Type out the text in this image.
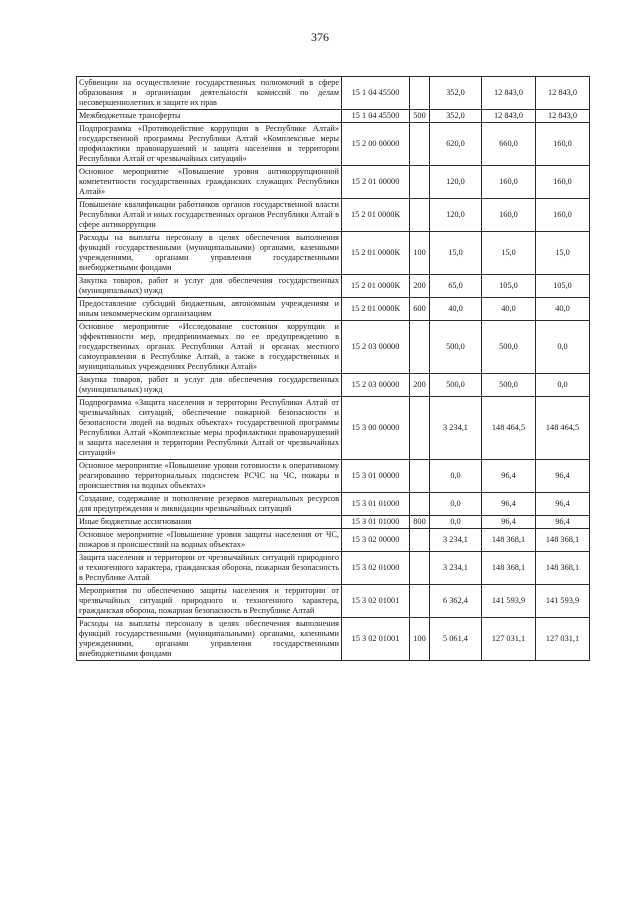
376
Субвенции на осуществление государственных полномочий в сфере образования и организации деятельности комиссий по делам несовершеннолетних и защите их прав	15 1 04 45500		352,0	12 843,0	12 843,0
Межбюджетные трансферты	15 1 04 45500	500	352,0	12 843,0	12 843,0
Подпрограмма «Противодействие коррупции в Республике Алтай» государственной программы Республики Алтай «Комплексные меры профилактики правонарушений и защита населения и территории Республики Алтай от чрезвычайных ситуаций»	15 2 00 00000		620,0	660,0	160,0
Основное мероприятие «Повышение уровня антикоррупционной компетентности государственных гражданских служащих Республики Алтай»	15 2 01 00000		120,0	160,0	160,0
Повышение квалификации работников органов государственной власти Республики Алтай и иных государственных органов Республики Алтай в сфере антикоррупции	15 2 01 0000К		120,0	160,0	160,0
Расходы на выплаты персоналу в целях обеспечения выполнения функций государственными (муниципальными) органами, казенными учреждениями, органами управления государственными внебюджетными фондами	15 2 01 0000К	100	15,0	15,0	15,0
Закупка товаров, работ и услуг для обеспечения государственных (муниципальных) нужд	15 2 01 0000К	200	65,0	105,0	105,0
Предоставление субсидий бюджетным, автономным учреждениям и иным некоммерческим организациям	15 2 01 0000К	600	40,0	40,0	40,0
Основное мероприятие «Исследование состояния коррупции и эффективности мер, предпринимаемых по ее предупреждению в государственных органах Республики Алтай и органах местного самоуправления в Республике Алтай, а также в государственных и муниципальных учреждениях Республики Алтай»	15 2 03 00000		500,0	500,0	0,0
Закупка товаров, работ и услуг для обеспечения государственных (муниципальных) нужд	15 2 03 00000	200	500,0	500,0	0,0
Подпрограмма «Защита населения и территории Республики Алтай от чрезвычайных ситуаций, обеспечение пожарной безопасности и безопасности людей на водных объектах» государственной программы Республики Алтай «Комплексные меры профилактики правонарушений и защита населения и территории Республики Алтай от чрезвычайных ситуаций»	15 3 00 00000		3 234,1	148 464,5	148 464,5
Основное мероприятие «Повышение уровня готовности к оперативному реагированию территориальных подсистем РСЧС на ЧС, пожары и происшествия на водных объектах»	15 3 01 00000		0,0	96,4	96,4
Создание, содержание и пополнение резервов материальных ресурсов для предупреждения и ликвидации чрезвычайных ситуаций	15 3 01 01000		0,0	96,4	96,4
Иные бюджетные ассигнования	15 3 01 01000	800	0,0	96,4	96,4
Основное мероприятие «Повышение уровня защиты населения от ЧС, пожаров и происшествий на водных объектах»	15 3 02 00000		3 234,1	148 368,1	148 368,1
Защита населения и территории от чрезвычайных ситуаций природного и техногенного характера, гражданская оборона, пожарная безопасность в Республике Алтай	15 3 02 01000		3 234,1	148 368,1	148 368,1
Мероприятия по обеспечению защиты населения и территории от чрезвычайных ситуаций природного и техногенного характера, гражданская оборона, пожарная безопасность в Республике Алтай	15 3 02 01001		6 362,4	141 593,9	141 593,9
Расходы на выплаты персоналу в целях обеспечения выполнения функций государственными (муниципальными) органами, казенными учреждениями, органами управления государственными внебюджетными фондами	15 3 02 01001	100	5 061,4	127 031,1	127 031,1
